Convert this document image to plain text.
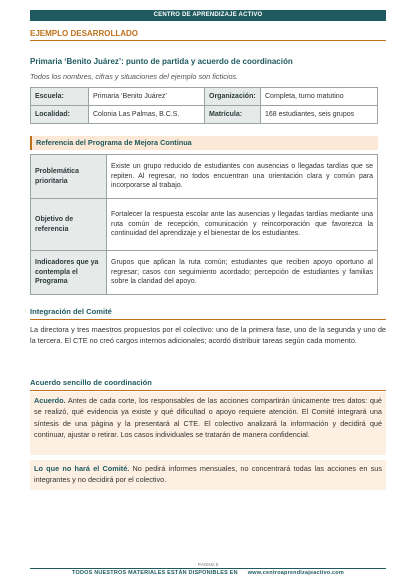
CENTRO DE APRENDIZAJE ACTIVO
EJEMPLO DESARROLLADO
Primaria ‘Benito Juárez’: punto de partida y acuerdo de coordinación
Todos los nombres, cifras y situaciones del ejemplo son ficticios.
Escuela:	Primaria ‘Benito Juárez’	Organización:	Completa, turno matutino
Localidad:	Colonia Las Palmas, B.C.S.	Matrícula:	168 estudiantes, seis grupos
Referencia del Programa de Mejora Continua
Problemática prioritaria	Existe un grupo reducido de estudiantes con ausencias o llegadas tardías que se repiten. Al regresar, no todos encuentran una orientación clara y común para incorporarse al trabajo.
Objetivo de referencia	Fortalecer la respuesta escolar ante las ausencias y llegadas tardías mediante una ruta común de recepción, comunicación y reincorporación que favorezca la continuidad del aprendizaje y el bienestar de los estudiantes.
Indicadores que ya contempla el Programa	Grupos que aplican la ruta común; estudiantes que reciben apoyo oportuno al regresar; casos con seguimiento acordado; percepción de estudiantes y familias sobre la claridad del apoyo.
Integración del Comité
La directora y tres maestros propuestos por el colectivo: uno de la primera fase, uno de la segunda y uno de la tercera. El CTE no creó cargos internos adicionales; acordó distribuir tareas según cada momento.
Acuerdo sencillo de coordinación
Acuerdo. Antes de cada corte, los responsables de las acciones compartirán únicamente tres datos: qué se realizó, qué evidencia ya existe y qué dificultad o apoyo requiere atención. El Comité integrará una síntesis de una página y la presentará al CTE. El colectivo analizará la información y decidirá qué continuar, ajustar o retirar. Los casos individuales se tratarán de manera confidencial.
Lo que no hará el Comité. No pedirá informes mensuales, no concentrará todas las acciones en sus integrantes y no decidirá por el colectivo.
PÁGINA 5
TODOS NUESTROS MATERIALES ESTÁN DISPONIBLES EN www.centroaprendizajeactivo.com
